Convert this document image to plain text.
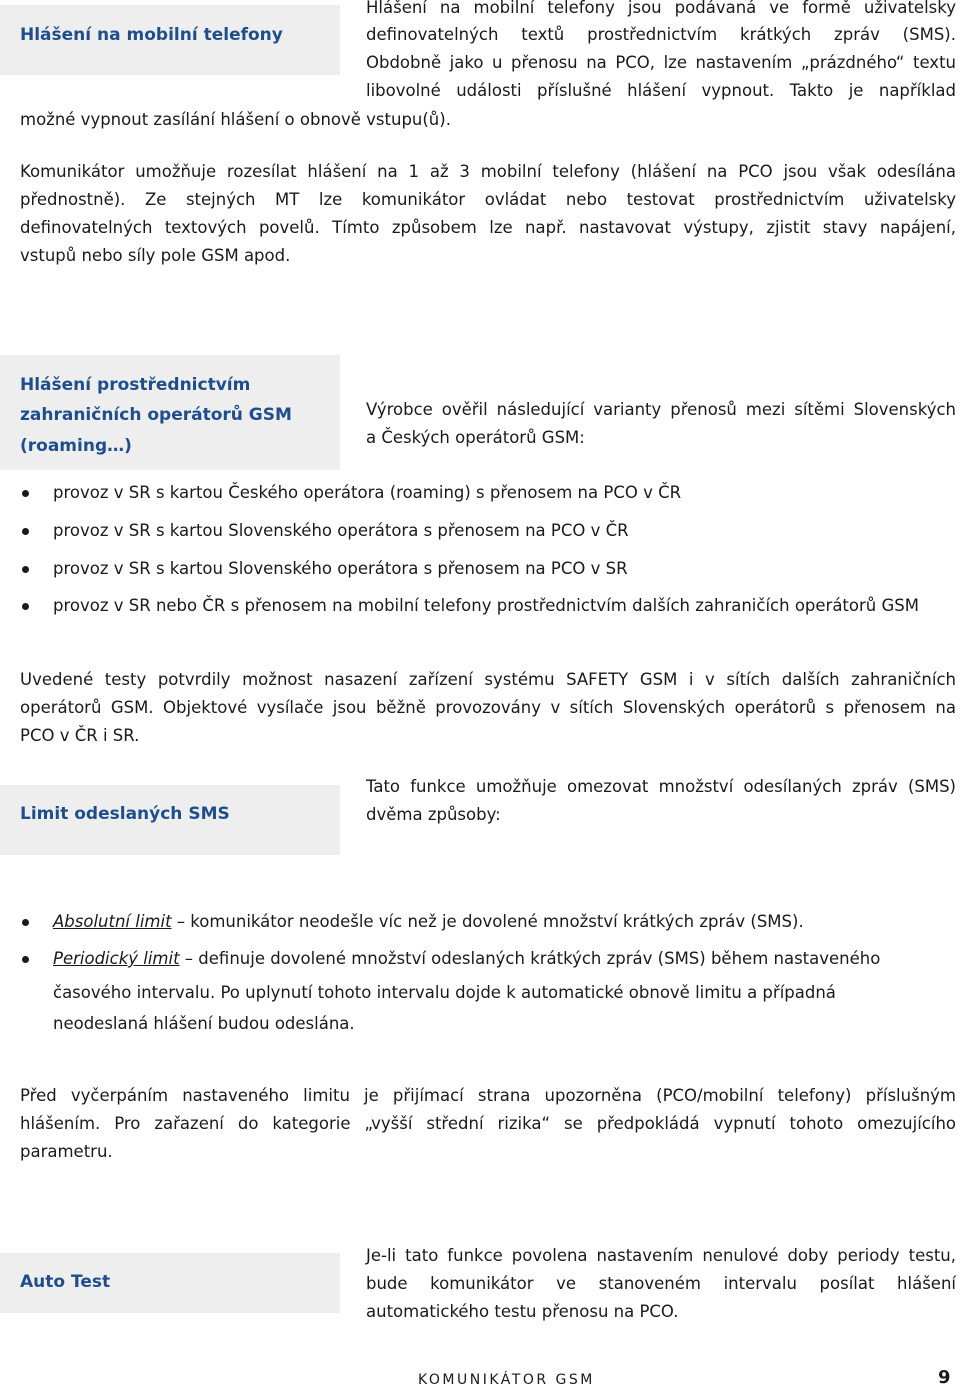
Hlášení na mobilní telefony
Hlášení na mobilní telefony jsou podávaná ve formě uživatelsky
definovatelných textů prostřednictvím krátkých zpráv (SMS).
Obdobně jako u přenosu na PCO, lze nastavením „prázdného“ textu
libovolné události příslušné hlášení vypnout. Takto je například
možné vypnout zasílání hlášení o obnově vstupu(ů).
Komunikátor umožňuje rozesílat hlášení na 1 až 3 mobilní telefony (hlášení na PCO jsou však odesílána
přednostně). Ze stejných MT lze komunikátor ovládat nebo testovat prostřednictvím uživatelsky
definovatelných textových povelů. Tímto způsobem lze např. nastavovat výstupy, zjistit stavy napájení,
vstupů nebo síly pole GSM apod.
Hlášení prostřednictvím
zahraničních operátorů GSM
(roaming…)
Výrobce ověřil následující varianty přenosů mezi sítěmi Slovenských
a Českých operátorů GSM:
provoz v SR s kartou Českého operátora (roaming) s přenosem na PCO v ČR
provoz v SR s kartou Slovenského operátora s přenosem na PCO v ČR
provoz v SR s kartou Slovenského operátora s přenosem na PCO v SR
provoz v SR nebo ČR s přenosem na mobilní telefony prostřednictvím dalších zahraničích operátorů GSM
Uvedené testy potvrdily možnost nasazení zařízení systému SAFETY GSM i v sítích dalších zahraničních
operátorů GSM. Objektové vysílače jsou běžně provozovány v sítích Slovenských operátorů s přenosem na
PCO v ČR i SR.
Limit odeslaných SMS
Tato funkce umožňuje omezovat množství odesílaných zpráv (SMS)
dvěma způsoby:
Absolutní limit – komunikátor neodešle víc než je dovolené množství krátkých zpráv (SMS).
Periodický limit – definuje dovolené množství odeslaných krátkých zpráv (SMS) během nastaveného
časového intervalu. Po uplynutí tohoto intervalu dojde k automatické obnově limitu a případná
neodeslaná hlášení budou odeslána.
Před vyčerpáním nastaveného limitu je přijímací strana upozorněna (PCO/mobilní telefony) příslušným
hlášením. Pro zařazení do kategorie „vyšší střední rizika“ se předpokládá vypnutí tohoto omezujícího
parametru.
Auto Test
Je-li tato funkce povolena nastavením nenulové doby periody testu,
bude komunikátor ve stanoveném intervalu posílat hlášení
automatického testu přenosu na PCO.
KOMUNIKÁTOR GSM	9
